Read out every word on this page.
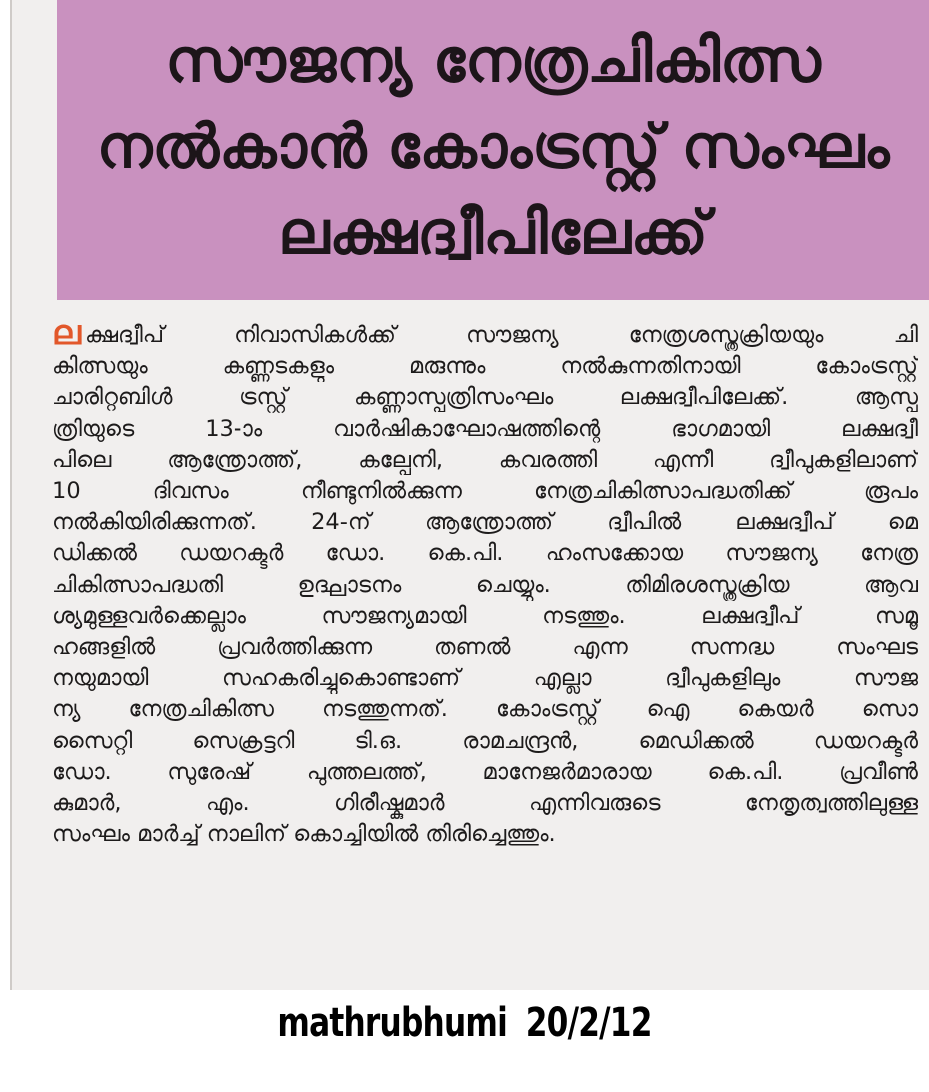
സൗജന്യ നേത്രചികിത്സ
നൽകാൻ കോംട്രസ്റ്റ് സംഘം
ലക്ഷദ്വീപിലേക്ക്
ലക്ഷദ്വീപ് നിവാസികൾക്ക് സൗജന്യ നേത്രശസ്ത്രക്രിയയും ചി
കിത്സയും കണ്ണടകളും മരുന്നും നൽകുന്നതിനായി കോംട്രസ്റ്റ്
ചാരിറ്റബിൾ ട്രസ്റ്റ് കണ്ണാസ്പത്രിസംഘം ലക്ഷദ്വീപിലേക്ക്. ആസ്പ
ത്രിയുടെ 13-ാം വാർഷികാഘോഷത്തിന്റെ ഭാഗമായി ലക്ഷദ്വീ
പിലെ ആന്ത്രോത്ത്, കല്പേനി, കവരത്തി എന്നീ ദ്വീപുകളിലാണ്
10 ദിവസം നീണ്ടുനിൽക്കുന്ന നേത്രചികിത്സാപദ്ധതിക്ക് രൂപം
നൽകിയിരിക്കുന്നത്. 24-ന് ആന്ത്രോത്ത് ദ്വീപിൽ ലക്ഷദ്വീപ് മെ
ഡിക്കൽ ഡയറക്ടർ ഡോ. കെ.പി. ഹംസക്കോയ സൗജന്യ നേത്ര
ചികിത്സാപദ്ധതി ഉദ്ഘാടനം ചെയ്യും. തിമിരശസ്ത്രക്രിയ ആവ
ശ്യമുള്ളവർക്കെല്ലാം സൗജന്യമായി നടത്തും. ലക്ഷദ്വീപ് സമൂ
ഹങ്ങളിൽ പ്രവർത്തിക്കുന്ന തണൽ എന്ന സന്നദ്ധ സംഘട
നയുമായി സഹകരിച്ചുകൊണ്ടാണ് എല്ലാ ദ്വീപുകളിലും സൗജ
ന്യ നേത്രചികിത്സ നടത്തുന്നത്. കോംട്രസ്റ്റ് ഐ കെയർ സൊ
സൈറ്റി സെക്രട്ടറി ടി.ഒ. രാമചന്ദ്രൻ, മെഡിക്കൽ ഡയറക്ടർ
ഡോ. സുരേഷ് പുത്തലത്ത്, മാനേജർമാരായ കെ.പി. പ്രവീൺ
കുമാർ, എം. ഗിരീഷ്കുമാർ എന്നിവരുടെ നേതൃത്വത്തിലുള്ള
സംഘം മാർച്ച് നാലിന് കൊച്ചിയിൽ തിരിച്ചെത്തും.
mathrubhumi 20/2/12
